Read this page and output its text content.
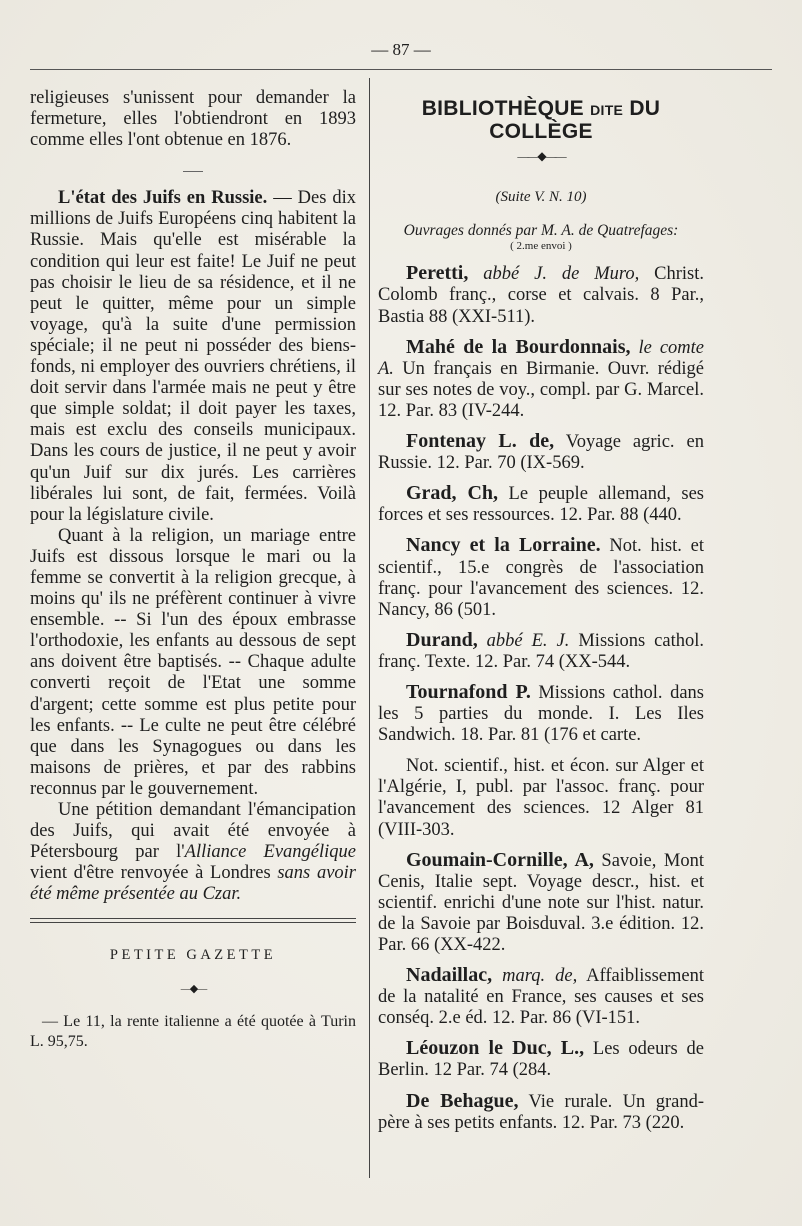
— 87 —

religieuses s'unissent pour demander la fermeture, elles l'obtiendront en 1893 comme elles l'ont obtenue en 1876.

L'état des Juifs en Russie. — Des dix millions de Juifs Européens cinq habitent la Russie. Mais qu'elle est misérable la condition qui leur est faite! Le Juif ne peut pas choisir le lieu de sa résidence, et il ne peut le quitter, même pour un simple voyage, qu'à la suite d'une permission spéciale; il ne peut ni posséder des biens-fonds, ni employer des ouvriers chrétiens, il doit servir dans l'armée mais ne peut y être que simple soldat; il doit payer les taxes, mais est exclu des conseils municipaux. Dans les cours de justice, il ne peut y avoir qu'un Juif sur dix jurés. Les carrières libérales lui sont, de fait, fermées. Voilà pour la législature civile.

Quant à la religion, un mariage entre Juifs est dissous lorsque le mari ou la femme se convertit à la religion grecque, à moins qu' ils ne préfèrent continuer à vivre ensemble. -- Si l'un des époux embrasse l'orthodoxie, les enfants au dessous de sept ans doivent être baptisés. -- Chaque adulte converti reçoit de l'Etat une somme d'argent; cette somme est plus petite pour les enfants. -- Le culte ne peut être célébré que dans les Synagogues ou dans les maisons de prières, et par des rabbins reconnus par le gouvernement.

Une pétition demandant l'émancipation des Juifs, qui avait été envoyée à Pétersbourg par l'Alliance Evangélique vient d'être renvoyée à Londres sans avoir été même présentée au Czar.

PETITE GAZETTE
—◆—

— Le 11, la rente italienne a été quotée à Turin L. 95,75.

BIBLIOTHÈQUE DITE DU COLLÈGE
——◆——

(Suite V. N. 10)

Ouvrages donnés par M. A. de Quatrefages:

( 2.me envoi )

Peretti, abbé J. de Muro, Christ. Colomb franç., corse et calvais. 8 Par., Bastia 88 (XXI-511).

Mahé de la Bourdonnais, le comte A. Un français en Birmanie. Ouvr. rédigé sur ses notes de voy., compl. par G. Marcel. 12. Par. 83 (IV-244.

Fontenay L. de, Voyage agric. en Russie. 12. Par. 70 (IX-569.

Grad, Ch, Le peuple allemand, ses forces et ses ressources. 12. Par. 88 (440.

Nancy et la Lorraine. Not. hist. et scientif., 15.e congrès de l'association franç. pour l'avancement des sciences. 12. Nancy, 86 (501.

Durand, abbé E. J. Missions cathol. franç. Texte. 12. Par. 74 (XX-544.

Tournafond P. Missions cathol. dans les 5 parties du monde. I. Les Iles Sandwich. 18. Par. 81 (176 et carte.

Not. scientif., hist. et écon. sur Alger et l'Algérie, I, publ. par l'assoc. franç. pour l'avancement des sciences. 12 Alger 81 (VIII-303.

Goumain-Cornille, A, Savoie, Mont Cenis, Italie sept. Voyage descr., hist. et scientif. enrichi d'une note sur l'hist. natur. de la Savoie par Boisduval. 3.e édition. 12. Par. 66 (XX-422.

Nadaillac, marq. de, Affaiblissement de la natalité en France, ses causes et ses conséq. 2.e éd. 12. Par. 86 (VI-151.

Léouzon le Duc, L., Les odeurs de Berlin. 12 Par. 74 (284.

De Behague, Vie rurale. Un grand-père à ses petits enfants. 12. Par. 73 (220.
